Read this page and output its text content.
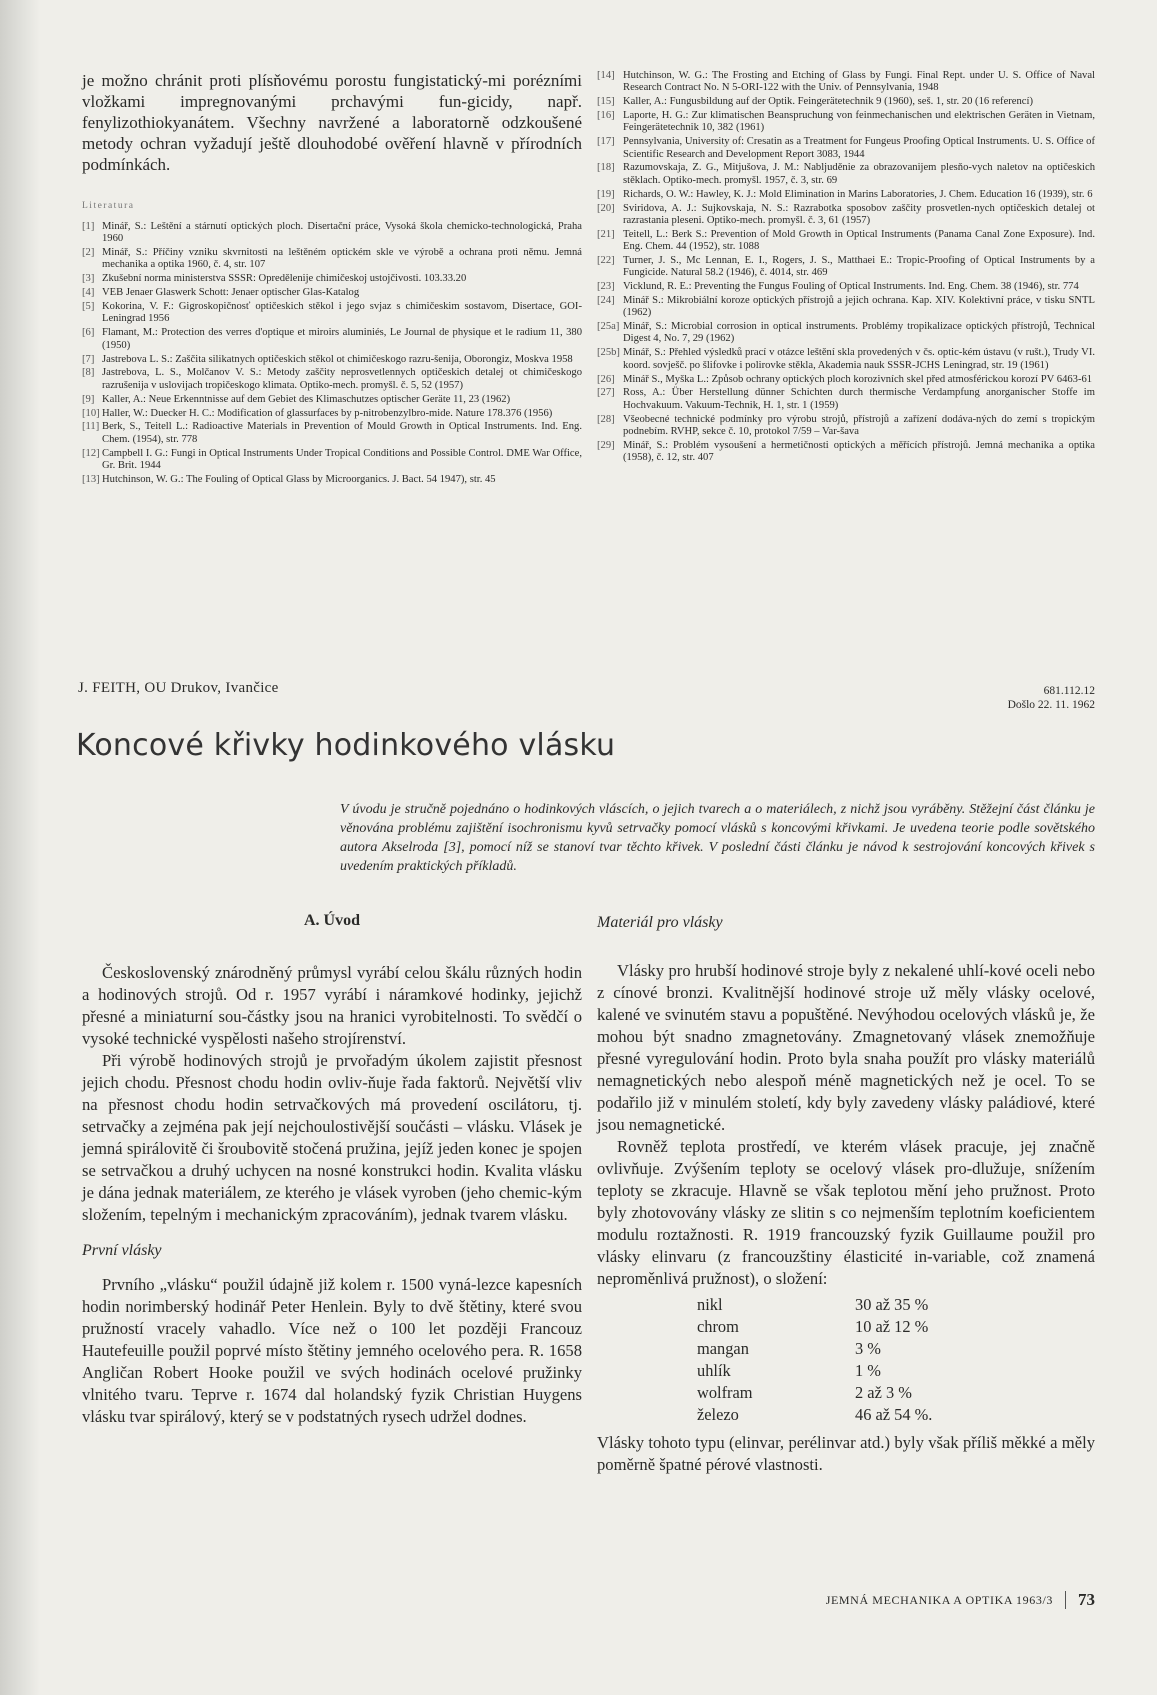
je možno chránit proti plísňovému porostu fungistatický-mi porézními vložkami impregnovanými prchavými fun-gicidy, např. fenylizothiokyanátem. Všechny navržené a laboratorně odzkoušené metody ochran vyžadují ještě dlouhodobé ověření hlavně v přírodních podmínkách.

Literatura
[1] Minář, S.: Leštění a stárnutí optických ploch. Disertační práce, Vysoká škola chemicko-technologická, Praha 1960
[2] Minář, S.: Příčiny vzniku skvrnitosti na leštěném optickém skle ve výrobě a ochrana proti němu. Jemná mechanika a optika 1960, č. 4, str. 107
[3] Zkušební norma ministerstva SSSR: Opredělenije chimičeskoj ustojčivosti. 103.33.20
[4] VEB Jenaer Glaswerk Schott: Jenaer optischer Glas-Katalog
[5] Kokorina, V. F.: Gigroskopičnosť optičeskich stěkol i jego svjaz s chimičeskim sostavom, Disertace, GOI-Leningrad 1956
[6] Flamant, M.: Protection des verres d'optique et miroirs aluminiés, Le Journal de physique et le radium 11, 380 (1950)
[7] Jastrebova L. S.: Zaščita silikatnych optičeskich stěkol ot chimičeskogo razru-šenija, Oborongiz, Moskva 1958
[8] Jastrebova, L. S., Molčanov V. S.: Metody zaščity neprosvetlennych optičeskich detalej ot chimičeskogo razrušenija v uslovijach tropičeskogo klimata. Optiko-mech. promyšl. č. 5, 52 (1957)
[9] Kaller, A.: Neue Erkenntnisse auf dem Gebiet des Klimaschutzes optischer Geräte 11, 23 (1962)
[10] Haller, W.: Duecker H. C.: Modification of glassurfaces by p-nitrobenzylbro-mide. Nature 178.376 (1956)
[11] Berk, S., Teitell L.: Radioactive Materials in Prevention of Mould Growth in Optical Instruments. Ind. Eng. Chem. (1954), str. 778
[12] Campbell I. G.: Fungi in Optical Instruments Under Tropical Conditions and Possible Control. DME War Office, Gr. Brit. 1944
[13] Hutchinson, W. G.: The Fouling of Optical Glass by Microorganics. J. Bact. 54 1947), str. 45
[14] Hutchinson, W. G.: The Frosting and Etching of Glass by Fungi. Final Rept. under U. S. Office of Naval Research Contract No. N 5-ORI-122 with the Univ. of Pennsylvania, 1948
[15] Kaller, A.: Fungusbildung auf der Optik. Feingerätetechnik 9 (1960), seš. 1, str. 20 (16 referencí)
[16] Laporte, H. G.: Zur klimatischen Beanspruchung von feinmechanischen und elektrischen Geräten in Vietnam, Feingerätetechnik 10, 382 (1961)
[17] Pennsylvania, University of: Cresatin as a Treatment for Fungeus Proofing Optical Instruments. U. S. Office of Scientific Research and Development Report 3083, 1944
[18] Razumovskaja, Z. G., Mitjušova, J. M.: Nabljuděnie za obrazovanijem plesňo-vych naletov na optičeskich stěklach. Optiko-mech. promyšl. 1957, č. 3, str. 69
[19] Richards, O. W.: Hawley, K. J.: Mold Elimination in Marins Laboratories, J. Chem. Education 16 (1939), str. 6
[20] Sviridova, A. J.: Sujkovskaja, N. S.: Razrabotka sposobov zaščity prosvetlen-nych optičeskich detalej ot razrastania pleseni. Optiko-mech. promyšl. č. 3, 61 (1957)
[21] Teitell, L.: Berk S.: Prevention of Mold Growth in Optical Instruments (Panama Canal Zone Exposure). Ind. Eng. Chem. 44 (1952), str. 1088
[22] Turner, J. S., Mc Lennan, E. I., Rogers, J. S., Matthaei E.: Tropic-Proofing of Optical Instruments by a Fungicide. Natural 58.2 (1946), č. 4014, str. 469
[23] Vicklund, R. E.: Preventing the Fungus Fouling of Optical Instruments. Ind. Eng. Chem. 38 (1946), str. 774
[24] Minář S.: Mikrobiální koroze optických přístrojů a jejich ochrana. Kap. XIV. Kolektivní práce, v tisku SNTL (1962)
[25a] Minář, S.: Microbial corrosion in optical instruments. Problémy tropikalizace optických přístrojů, Technical Digest 4, No. 7, 29 (1962)
[25b] Minář, S.: Přehled výsledků prací v otázce leštění skla provedených v čs. optic-kém ústavu (v rušt.), Trudy VI. koord. sovješč. po šlifovke i polirovke stěkla, Akademia nauk SSSR-JCHS Leningrad, str. 19 (1961)
[26] Minář S., Myška L.: Způsob ochrany optických ploch korozivních skel před atmosférickou korozí PV 6463-61
[27] Ross, A.: Über Herstellung dünner Schichten durch thermische Verdampfung anorganischer Stoffe im Hochvakuum. Vakuum-Technik, H. 1, str. 1 (1959)
[28] Všeobecné technické podmínky pro výrobu strojů, přístrojů a zařízení dodáva-ných do zemí s tropickým podnebím. RVHP, sekce č. 10, protokol 7/59 – Var-šava
[29] Minář, S.: Problém vysoušení a hermetičnosti optických a měřících přístrojů. Jemná mechanika a optika (1958), č. 12, str. 407
J. FEITH, OU Drukov, Ivančice	681.112.12
Došlo 22. 11. 1962
Koncové křivky hodinkového vlásku
V úvodu je stručně pojednáno o hodinkových vláscích, o jejich tvarech a o materiálech, z nichž jsou vyráběny. Stěžejní část článku je věnována problému zajištění isochronismu kyvů setrvačky pomocí vlásků s koncovými křivkami. Je uvedena teorie podle sovětského autora Akselroda [3], pomocí níž se stanoví tvar těchto křivek. V poslední části článku je návod k sestrojování koncových křivek s uvedením praktických příkladů.
A. Úvod

Československý znárodněný průmysl vyrábí celou škálu různých hodin a hodinových strojů. Od r. 1957 vyrábí i náramkové hodinky, jejichž přesné a miniaturní sou-částky jsou na hranici vyrobitelnosti. To svědčí o vysoké technické vyspělosti našeho strojírenství.

Při výrobě hodinových strojů je prvořadým úkolem zajistit přesnost jejich chodu. Přesnost chodu hodin ovliv-ňuje řada faktorů. Největší vliv na přesnost chodu hodin setrvačkových má provedení oscilátoru, tj. setrvačky a zejména pak její nejchoulostivější součásti – vlásku. Vlásek je jemná spirálovitě či šroubovitě stočená pružina, jejíž jeden konec je spojen se setrvačkou a druhý uchycen na nosné konstrukci hodin. Kvalita vlásku je dána jednak materiálem, ze kterého je vlásek vyroben (jeho chemic-kým složením, tepelným i mechanickým zpracováním), jednak tvarem vlásku.

První vlásky

Prvního „vlásku“ použil údajně již kolem r. 1500 vyná-lezce kapesních hodin norimberský hodinář Peter Henlein. Byly to dvě štětiny, které svou pružností vracely vahadlo. Více než o 100 let později Francouz Hautefeuille použil poprvé místo štětiny jemného ocelového pera. R. 1658 Angličan Robert Hooke použil ve svých hodinách ocelové pružinky vlnitého tvaru. Teprve r. 1674 dal holandský fyzik Christian Huygens vlásku tvar spirálový, který se v podstatných rysech udržel dodnes.

Materiál pro vlásky

Vlásky pro hrubší hodinové stroje byly z nekalené uhlí-kové oceli nebo z cínové bronzi. Kvalitnější hodinové stroje už měly vlásky ocelové, kalené ve svinutém stavu a popuštěné. Nevýhodou ocelových vlásků je, že mohou být snadno zmagnetovány. Zmagnetovaný vlásek znemožňuje přesné vyregulování hodin. Proto byla snaha použít pro vlásky materiálů nemagnetických nebo alespoň méně magnetických než je ocel. To se podařilo již v minulém století, kdy byly zavedeny vlásky paládiové, které jsou nemagnetické.

Rovněž teplota prostředí, ve kterém vlásek pracuje, jej značně ovlivňuje. Zvýšením teploty se ocelový vlásek pro-dlužuje, snížením teploty se zkracuje. Hlavně se však teplotou mění jeho pružnost. Proto byly zhotovovány vlásky ze slitin s co nejmenším teplotním koeficientem modulu roztažnosti. R. 1919 francouzský fyzik Guillaume použil pro vlásky elinvaru (z francouzštiny élasticité in-variable, což znamená neproměnlivá pružnost), o složení:

nikl	30 až 35 %
chrom	10 až 12 %
mangan	3 %
uhlík	1 %
wolfram	2 až 3 %
železo	46 až 54 %.

Vlásky tohoto typu (elinvar, perélinvar atd.) byly však příliš měkké a měly poměrně špatné pérové vlastnosti.

JEMNÁ MECHANIKA A OPTIKA 1963/3 73
